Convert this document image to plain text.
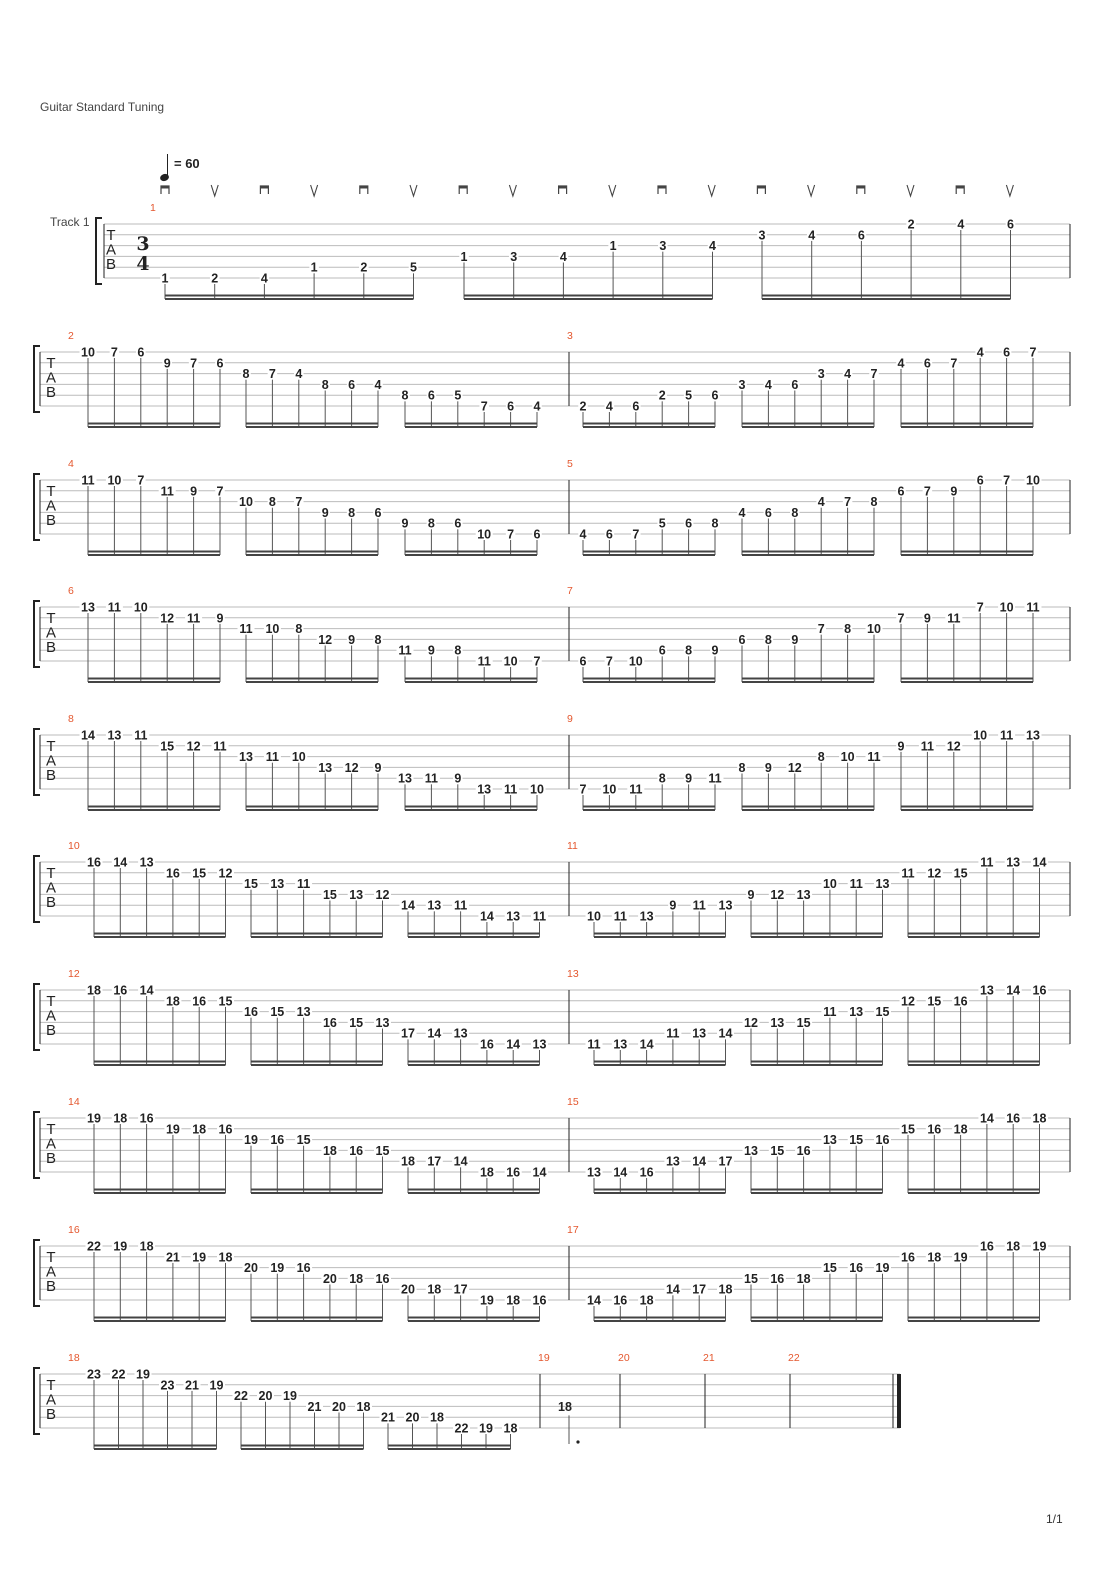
Guitar Standard Tuning
= 60
T
A
B
Track 1
3
4
1
1	2	4
1	2	5
1	3	4
1	3	4
3	4	6
2	4	6
T
A
B
2
10 7 6
9 7 6
8 7 4
8 6 4
8 6 5
7 6 4
3
2 4 6
2 5 6
3 4 6
3 4 7
4 6 7
4 6 7
T
A
B
4
11 10 7
11 9 7
10 8 7
9 8 6
9 8 6
10 7 6
5
4 6 7
5 6 8
4 6 8
4 7 8
6 7 9
6 7 10
T
A
B
6
13 11 10
12 11 9
11 10 8
12 9 8
11 9 8
11 10 7
7
6 7 10
6 8 9
6 8 9
7 8 10
7 9 11
7 10 11
T
A
B
8
14 13 11
15 12 11
13 11 10
13 12 9
13 11 9
13 11 10
9
7 10 11
8 9 11
8 9 12
8 10 11
9 11 12
10 11 13
T
A
B
10
16 14 13
16 15 12
15 13 11
15 13 12
14 13 11
14 13 11
11
10 11 13
9 11 13
9 12 13
10 11 13
11 12 15
11 13 14
T
A
B
12
18 16 14
18 16 15
16 15 13
16 15 13
17 14 13
16 14 13
13
11 13 14
11 13 14
12 13 15
11 13 15
12 15 16
13 14 16
T
A
B
14
19 18 16
19 18 16
19 16 15
18 16 15
18 17 14
18 16 14
15
13 14 16
13 14 17
13 15 16
13 15 16
15 16 18
14 16 18
T
A
B
16
22 19 18
21 19 18
20 19 16
20 18 16
20 18 17
19 18 16
17
14 16 18
14 17 18
15 16 18
15 16 19
16 18 19
16 18 19
T
A
B
18
23 22 19
23 21 19
22 20 19
21 20 18
21 20 18
22 19 18
19
18
20	21	22
1/1
